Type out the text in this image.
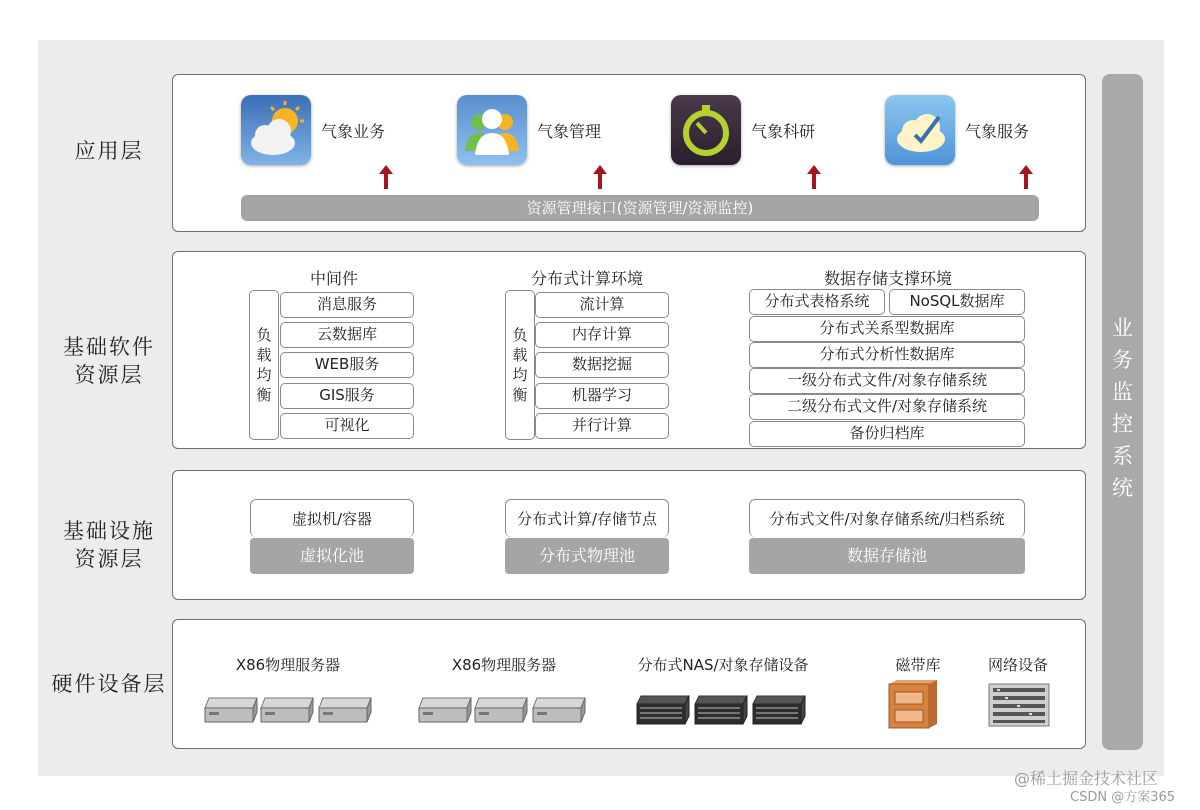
应用层
基础软件
资源层
基础设施
资源层
硬件设备层
业
务
监
控
系
统
气象业务	气象管理	气象科研	气象服务
资源管理接口(资源管理/资源监控)
中间件
负
载
均
衡
消息服务
云数据库
WEB服务
GIS服务
可视化
分布式计算环境
负
载
均
衡
流计算
内存计算
数据挖掘
机器学习
并行计算
数据存储支撑环境
分布式表格系统	NoSQL数据库
分布式关系型数据库
分布式分析性数据库
一级分布式文件/对象存储系统
二级分布式文件/对象存储系统
备份归档库
虚拟机/容器
虚拟化池
分布式计算/存储节点
分布式物理池
分布式文件/对象存储系统/归档系统
数据存储池
X86物理服务器	X86物理服务器	分布式NAS/对象存储设备	磁带库	网络设备
@稀土掘金技术社区
CSDN @方案365
